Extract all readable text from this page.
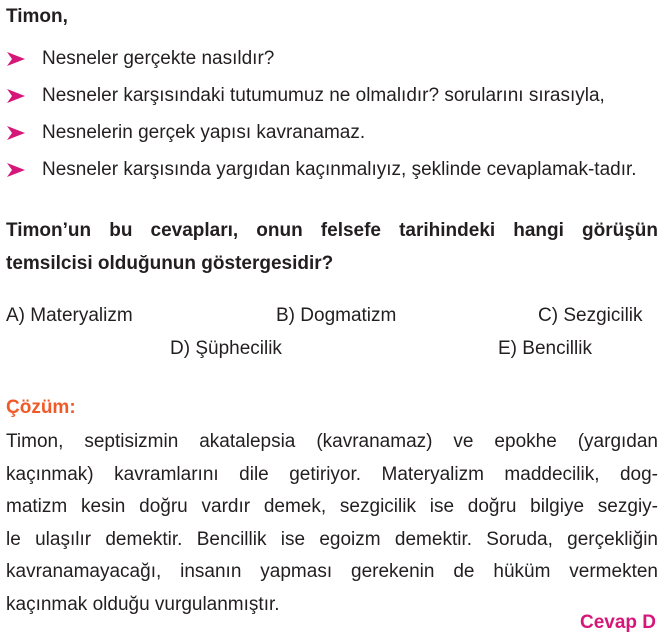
Timon,
Nesneler gerçekte nasıldır?
Nesneler karşısındaki tutumumuz ne olmalıdır? sorularını sırasıyla,
Nesnelerin gerçek yapısı kavranamaz.
Nesneler karşısında yargıdan kaçınmalıyız, şeklinde cevaplamak-tadır.
Timon’un bu cevapları, onun felsefe tarihindeki hangi görüşün temsilcisi olduğunun göstergesidir?
A) Materyalizm	B) Dogmatizm	C) Sezgicilik
D) Şüphecilik	E) Bencillik
Çözüm:
Timon, septisizmin akatalepsia (kavranamaz) ve epokhe (yargıdan
kaçınmak) kavramlarını dile getiriyor. Materyalizm maddecilik, dog-
matizm kesin doğru vardır demek, sezgicilik ise doğru bilgiye sezgiy-
le ulaşılır demektir. Bencillik ise egoizm demektir. Soruda, gerçekliğin
kavranamayacağı, insanın yapması gerekenin de hüküm vermekten
kaçınmak olduğu vurgulanmıştır.
Cevap D
